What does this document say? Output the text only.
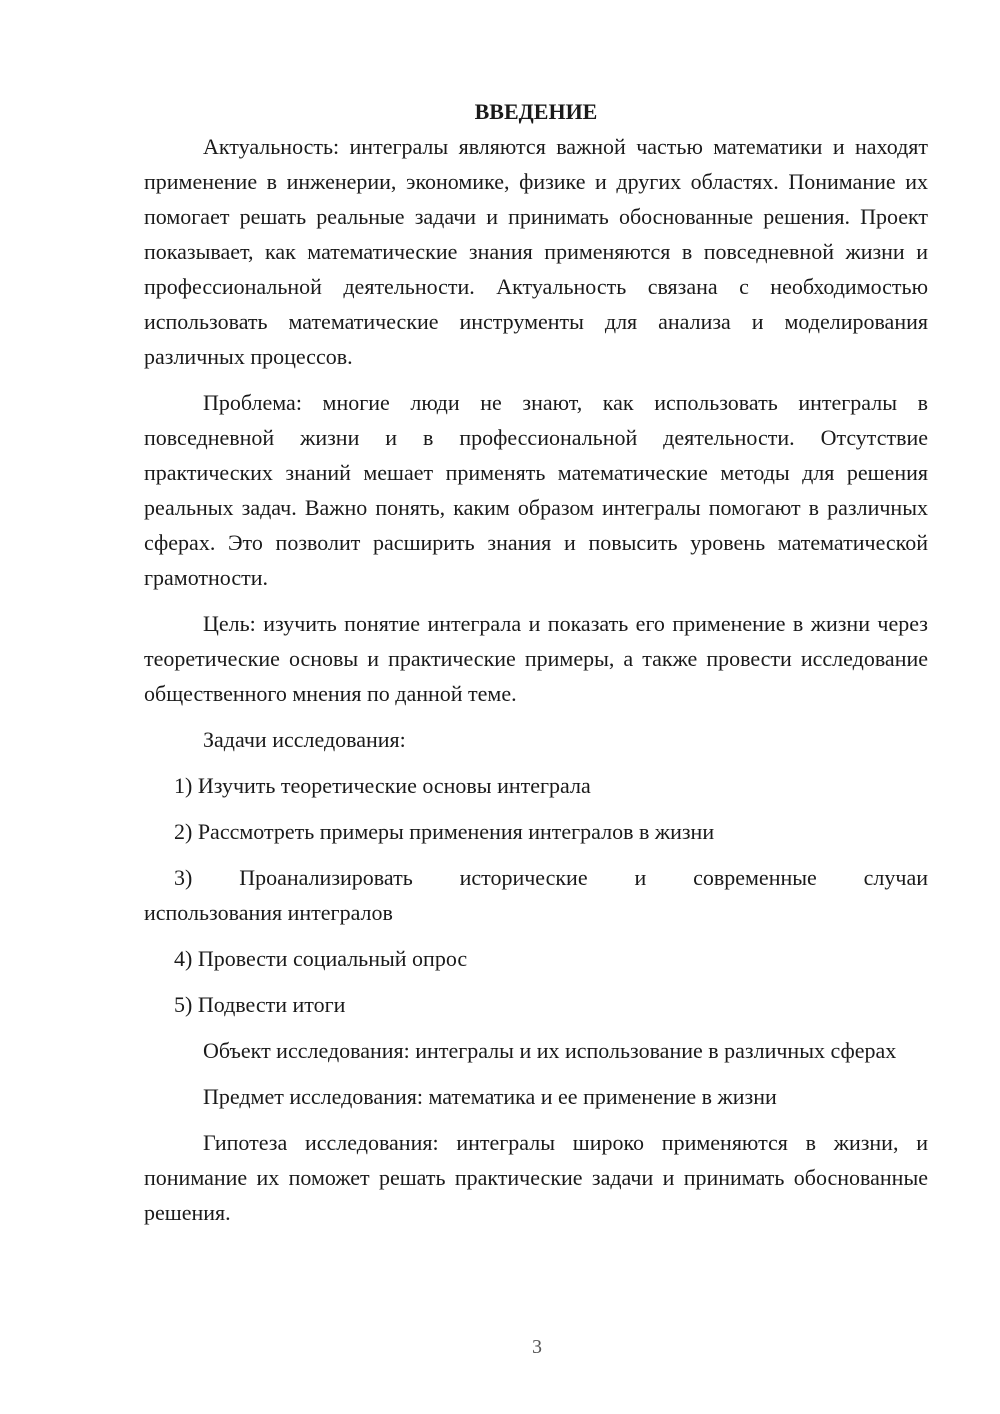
ВВЕДЕНИЕ

Актуальность: интегралы являются важной частью математики и находят применение в инженерии, экономике, физике и других областях. Понимание их помогает решать реальные задачи и принимать обоснованные решения. Проект показывает, как математические знания применяются в повседневной жизни и профессиональной деятельности. Актуальность связана с необходимостью использовать математические инструменты для анализа и моделирования различных процессов.

Проблема: многие люди не знают, как использовать интегралы в повседневной жизни и в профессиональной деятельности. Отсутствие практических знаний мешает применять математические методы для решения реальных задач. Важно понять, каким образом интегралы помогают в различных сферах. Это позволит расширить знания и повысить уровень математической грамотности.

Цель: изучить понятие интеграла и показать его применение в жизни через теоретические основы и практические примеры, а также провести исследование общественного мнения по данной теме.

Задачи исследования:

1) Изучить теоретические основы интеграла

2) Рассмотреть примеры применения интегралов в жизни

3) Проанализировать исторические и современные случаи
использования интегралов

4) Провести социальный опрос

5) Подвести итоги

Объект исследования: интегралы и их использование в различных сферах

Предмет исследования: математика и ее применение в жизни

Гипотеза исследования: интегралы широко применяются в жизни, и понимание их поможет решать практические задачи и принимать обоснованные решения.

3
